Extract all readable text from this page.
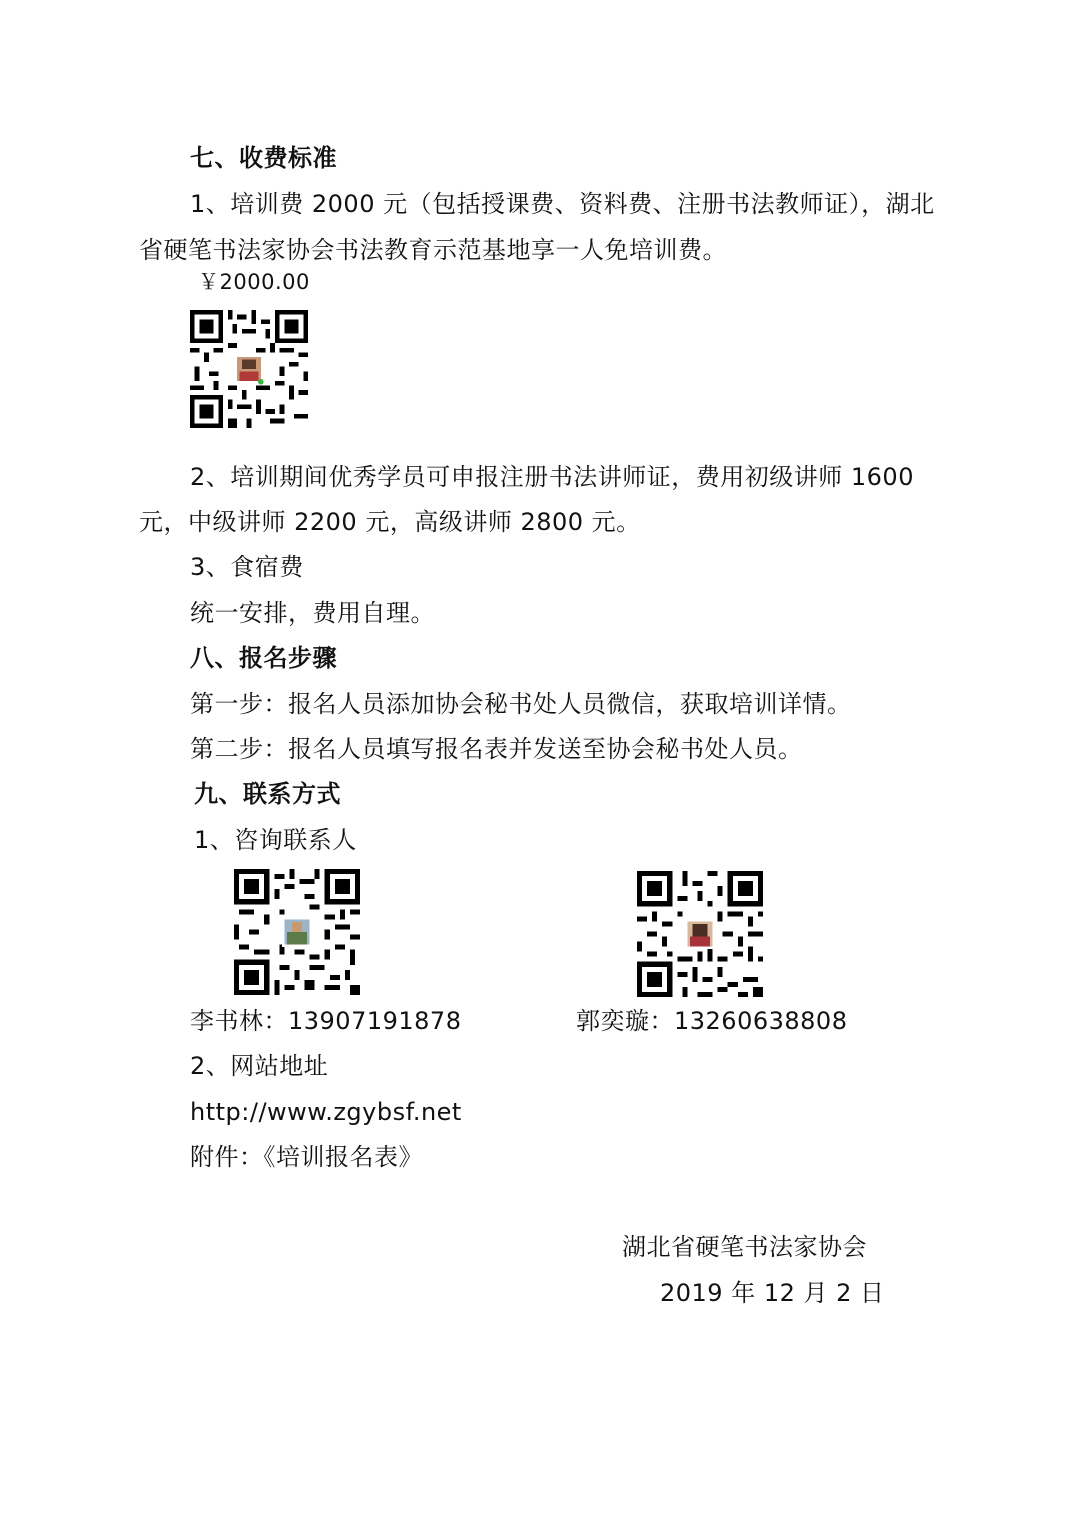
七、收费标准
1、培训费 2000 元（包括授课费、资料费、注册书法教师证），湖北
省硬笔书法家协会书法教育示范基地享一人免培训费。
￥2000.00
2、培训期间优秀学员可申报注册书法讲师证，费用初级讲师 1600
元，中级讲师 2200 元，高级讲师 2800 元。
3、食宿费
统一安排，费用自理。
八、报名步骤
第一步：报名人员添加协会秘书处人员微信，获取培训详情。
第二步：报名人员填写报名表并发送至协会秘书处人员。
九、联系方式
1、咨询联系人
李书林：13907191878	郭奕璇：13260638808
2、网站地址
http://www.zgybsf.net
附件：《培训报名表》
湖北省硬笔书法家协会
2019 年 12 月 2 日
